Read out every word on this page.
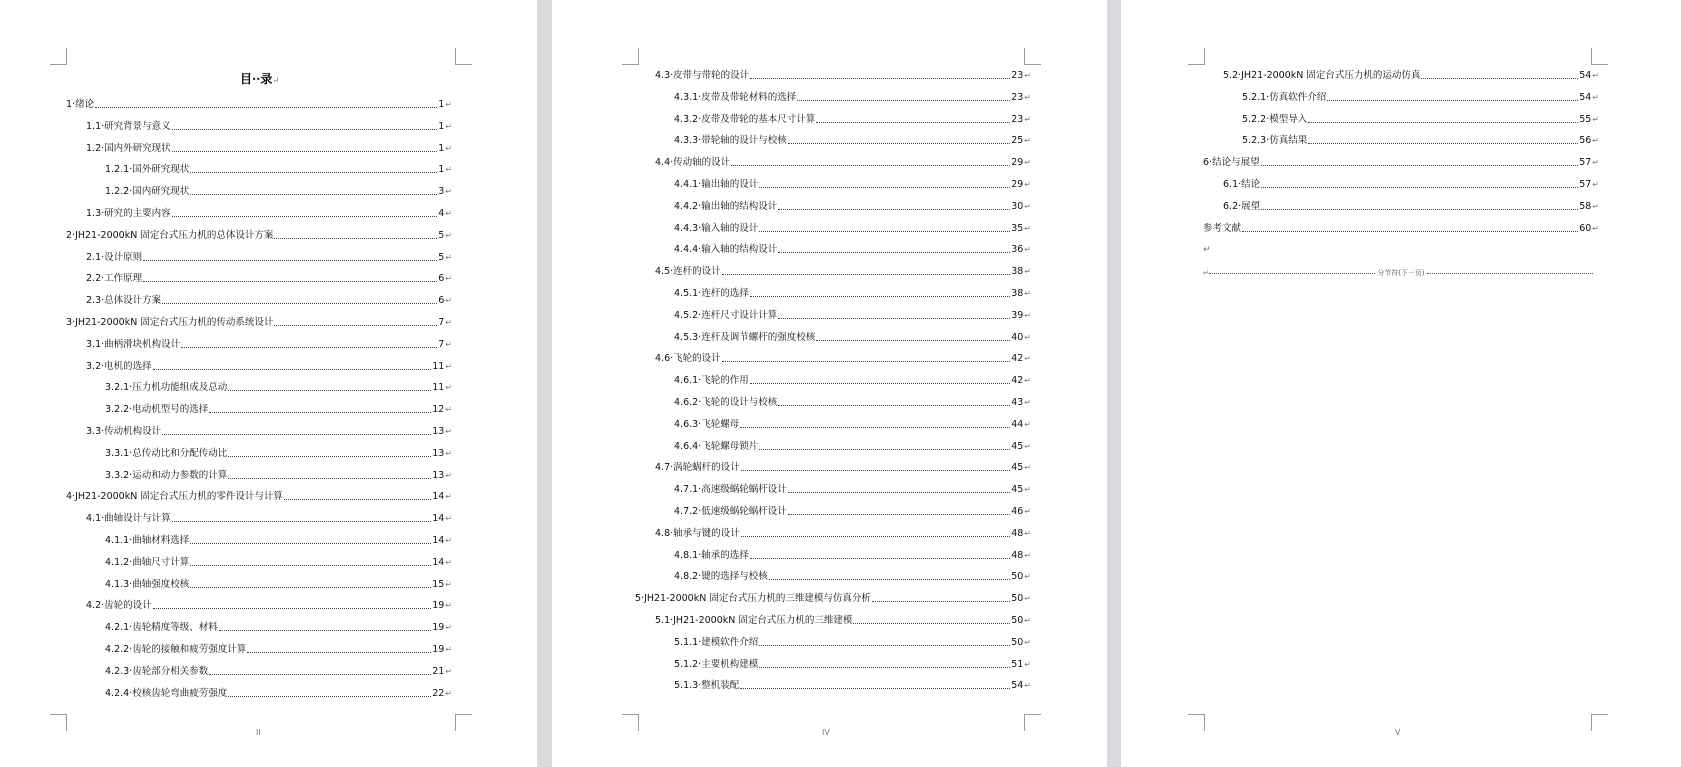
目··录↵
1·绪论	1 ↵
1.1·研究背景与意义	1 ↵
1.2·国内外研究现状	1 ↵
1.2.1·国外研究现状	1 ↵
1.2.2·国内研究现状	3 ↵
1.3·研究的主要内容	4 ↵
2·JH21-2000kN 固定台式压力机的总体设计方案	5 ↵
2.1·设计原则	5 ↵
2.2·工作原理	6 ↵
2.3·总体设计方案	6 ↵
3·JH21-2000kN 固定台式压力机的传动系统设计	7 ↵
3.1·曲柄滑块机构设计	7 ↵
3.2·电机的选择	11 ↵
3.2.1·压力机功能组成及总动	11 ↵
3.2.2·电动机型号的选择	12 ↵
3.3·传动机构设计	13 ↵
3.3.1·总传动比和分配传动比	13 ↵
3.3.2·运动和动力参数的计算	13 ↵
4·JH21-2000kN 固定台式压力机的零件设计与计算	14 ↵
4.1·曲轴设计与计算	14 ↵
4.1.1·曲轴材料选择	14 ↵
4.1.2·曲轴尺寸计算	14 ↵
4.1.3·曲轴强度校核	15 ↵
4.2·齿轮的设计	19 ↵
4.2.1·齿轮精度等级、材料	19 ↵
4.2.2·齿轮的接触和疲劳强度计算	19 ↵
4.2.3·齿轮部分相关参数	21 ↵
4.2.4·校核齿轮弯曲疲劳强度	22 ↵
II
4.3·皮带与带轮的设计	23 ↵
4.3.1·皮带及带轮材料的选择	23 ↵
4.3.2·皮带及带轮的基本尺寸计算	23 ↵
4.3.3·带轮轴的设计与校核	25 ↵
4.4·传动轴的设计	29 ↵
4.4.1·输出轴的设计	29 ↵
4.4.2·输出轴的结构设计	30 ↵
4.4.3·输入轴的设计	35 ↵
4.4.4·输入轴的结构设计	36 ↵
4.5·连杆的设计	38 ↵
4.5.1·连杆的选择	38 ↵
4.5.2·连杆尺寸设计计算	39 ↵
4.5.3·连杆及调节螺杆的强度校核	40 ↵
4.6·飞轮的设计	42 ↵
4.6.1·飞轮的作用	42 ↵
4.6.2·飞轮的设计与校核	43 ↵
4.6.3·飞轮螺母	44 ↵
4.6.4·飞轮螺母锁片	45 ↵
4.7·涡轮蜗杆的设计	45 ↵
4.7.1·高速级蜗轮蜗杆设计	45 ↵
4.7.2·低速级蜗轮蜗杆设计	46 ↵
4.8·轴承与键的设计	48 ↵
4.8.1·轴承的选择	48 ↵
4.8.2·键的选择与校核	50 ↵
5·JH21-2000kN 固定台式压力机的三维建模与仿真分析	50 ↵
5.1·JH21-2000kN 固定台式压力机的三维建模	50 ↵
5.1.1·建模软件介绍	50 ↵
5.1.2·主要机构建模	51 ↵
5.1.3·整机装配	54 ↵
IV
5.2·JH21-2000kN 固定台式压力机的运动仿真	54 ↵
5.2.1·仿真软件介绍	54 ↵
5.2.2·模型导入	55 ↵
5.2.3·仿真结果	56 ↵
6·结论与展望	57 ↵
6.1·结论	57 ↵
6.2·展望	58 ↵
参考文献	60 ↵
↵
↵	分节符(下一页)
V
